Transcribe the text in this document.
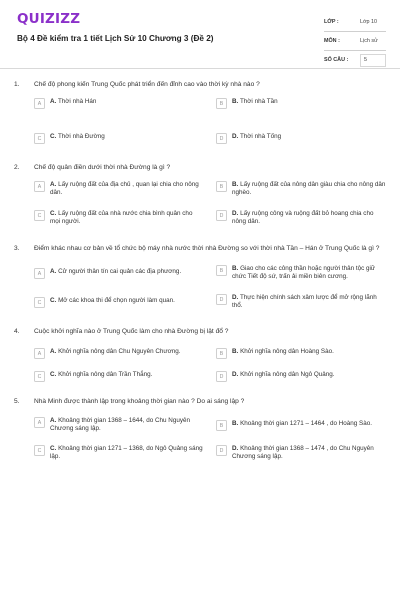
QUIZIZZ
Bộ 4 Đề kiểm tra 1 tiết Lịch Sử 10 Chương 3 (Đề 2)
LỚP :	Lớp 10
MÔN :	Lịch sử
SỐ CÂU :	5
1. Chế độ phong kiến Trung Quốc phát triển đến đỉnh cao vào thời kỳ nhà nào ?
A	A. Thời nhà Hán	B	B. Thời nhà Tần
C	C. Thời nhà Đường	D	D. Thời nhà Tống
2. Chế độ quân điền dưới thời nhà Đường là gì ?
A	A. Lấy ruộng đất của địa chủ , quan lại chia cho nông dân.
B	B. Lấy ruộng đất của nông dân giàu chia cho nông dân nghèo.
C	C. Lấy ruộng đất của nhà nước chia bình quân cho mọi người.
D	D. Lấy ruộng công và ruộng đất bỏ hoang chia cho nông dân.
3. Điểm khác nhau cơ bản về tổ chức bộ máy nhà nước thời nhà Đường so với thời nhà Tần – Hán ở Trung Quốc là gì ?
A	A. Cử người thân tín cai quản các địa phương.	B	B. Giao cho các công thần hoặc người thân tộc giữ chức Tiết độ sứ, trấn ải miền biên cương.
C	C. Mở các khoa thi để chọn người làm quan.	D	D. Thực hiện chính sách xâm lược để mở rộng lãnh thổ.
4. Cuộc khởi nghĩa nào ở Trung Quốc làm cho nhà Đường bị lật đổ ?
A	A. Khởi nghĩa nông dân Chu Nguyên Chương.	B	B. Khởi nghĩa nông dân Hoàng Sào.
C	C. Khởi nghĩa nông dân Trần Thắng.	D	D. Khởi nghĩa nông dân Ngô Quảng.
5. Nhà Minh được thành lập trong khoảng thời gian nào ? Do ai sáng lập ?
A	A. Khoảng thời gian 1368 – 1644, do Chu Nguyên Chương sáng lập.	B	B. Khoảng thời gian 1271 – 1464 , do Hoàng Sào.
C	C. Khoảng thời gian 1271 – 1368, do Ngô Quảng sáng lập.
D	D. Khoảng thời gian 1368 – 1474 , do Chu Nguyên Chương sáng lập.
